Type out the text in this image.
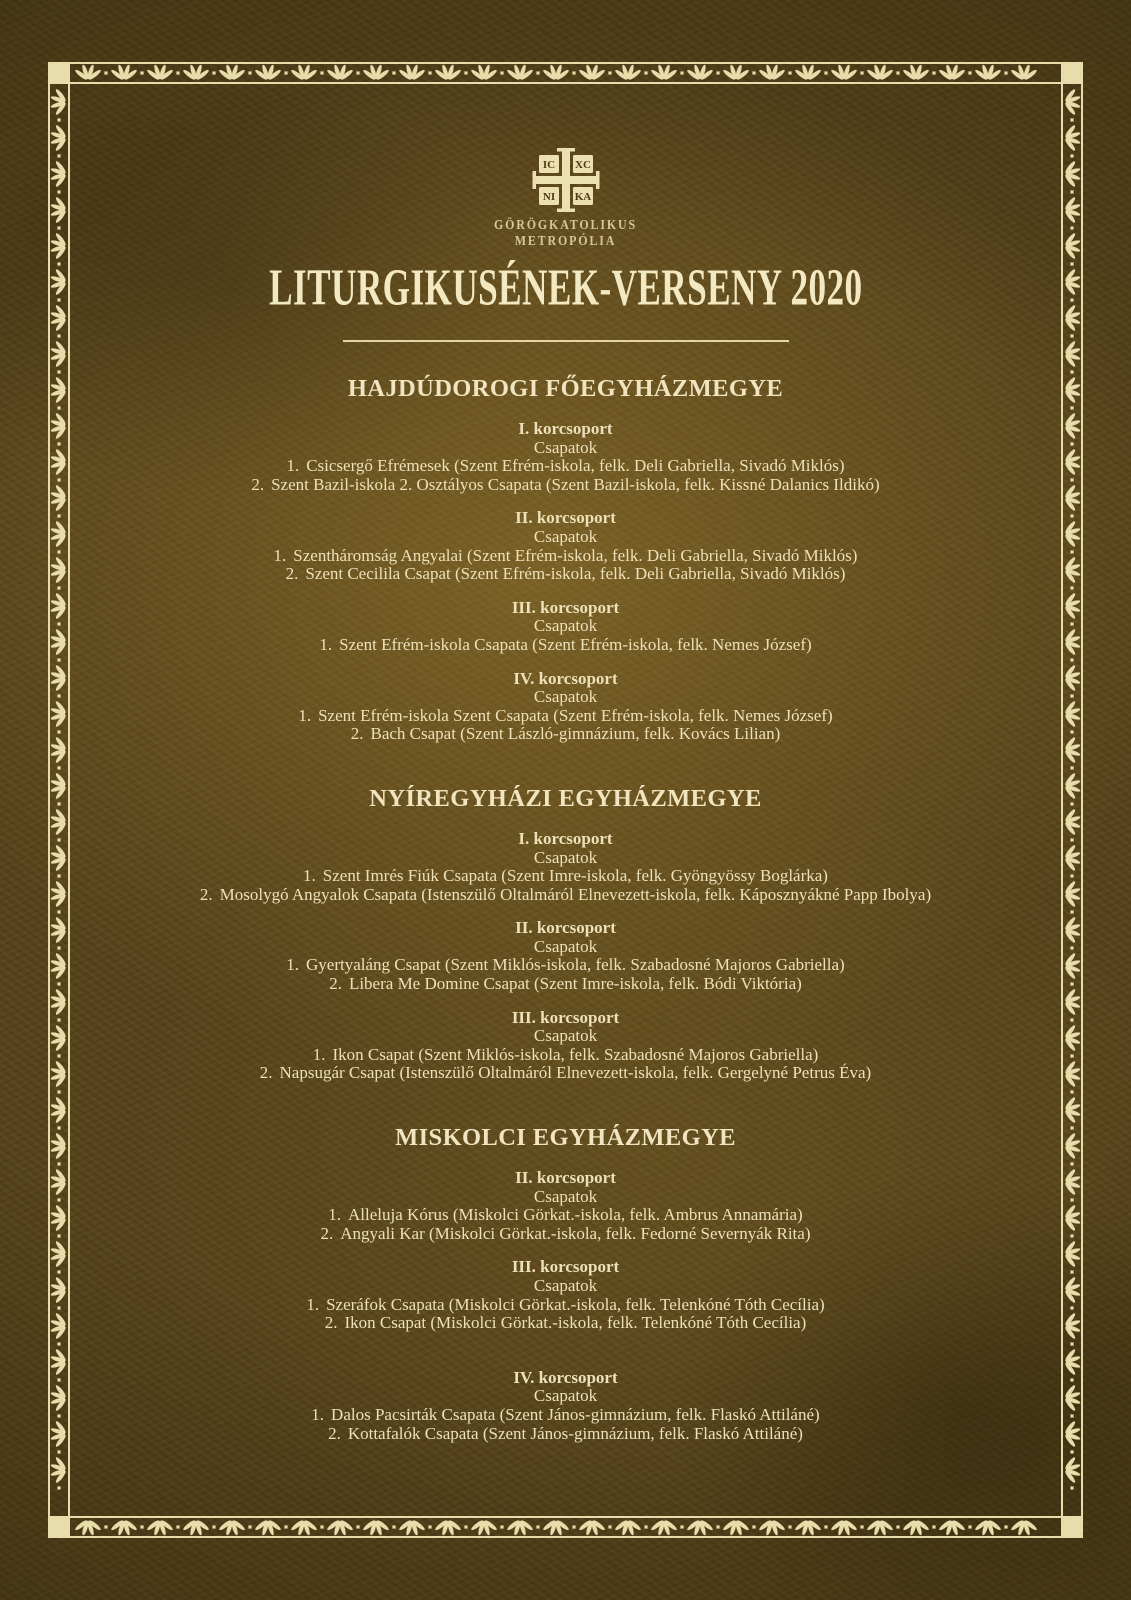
IC XC
NI KA
GÖRÖGKATOLIKUS
METROPÓLIA
LITURGIKUSÉNEK-VERSENY 2020
HAJDÚDOROGI FŐEGYHÁZMEGYE
I. korcsoport
Csapatok
1. Csicsergő Efrémesek (Szent Efrém-iskola, felk. Deli Gabriella, Sivadó Miklós)
2. Szent Bazil-iskola 2. Osztályos Csapata (Szent Bazil-iskola, felk. Kissné Dalanics Ildikó)
II. korcsoport
Csapatok
1. Szentháromság Angyalai (Szent Efrém-iskola, felk. Deli Gabriella, Sivadó Miklós)
2. Szent Cecilila Csapat (Szent Efrém-iskola, felk. Deli Gabriella, Sivadó Miklós)
III. korcsoport
Csapatok
1. Szent Efrém-iskola Csapata (Szent Efrém-iskola, felk. Nemes József)
IV. korcsoport
Csapatok
1. Szent Efrém-iskola Szent Csapata (Szent Efrém-iskola, felk. Nemes József)
2. Bach Csapat (Szent László-gimnázium, felk. Kovács Lilian)
NYÍREGYHÁZI EGYHÁZMEGYE
I. korcsoport
Csapatok
1. Szent Imrés Fiúk Csapata (Szent Imre-iskola, felk. Gyöngyössy Boglárka)
2. Mosolygó Angyalok Csapata (Istenszülő Oltalmáról Elnevezett-iskola, felk. Káposznyákné Papp Ibolya)
II. korcsoport
Csapatok
1. Gyertyaláng Csapat (Szent Miklós-iskola, felk. Szabadosné Majoros Gabriella)
2. Libera Me Domine Csapat (Szent Imre-iskola, felk. Bódi Viktória)
III. korcsoport
Csapatok
1. Ikon Csapat (Szent Miklós-iskola, felk. Szabadosné Majoros Gabriella)
2. Napsugár Csapat (Istenszülő Oltalmáról Elnevezett-iskola, felk. Gergelyné Petrus Éva)
MISKOLCI EGYHÁZMEGYE
II. korcsoport
Csapatok
1. Alleluja Kórus (Miskolci Görkat.-iskola, felk. Ambrus Annamária)
2. Angyali Kar (Miskolci Görkat.-iskola, felk. Fedorné Severnyák Rita)
III. korcsoport
Csapatok
1. Szeráfok Csapata (Miskolci Görkat.-iskola, felk. Telenkóné Tóth Cecília)
2. Ikon Csapat (Miskolci Görkat.-iskola, felk. Telenkóné Tóth Cecília)
IV. korcsoport
Csapatok
1. Dalos Pacsirták Csapata (Szent János-gimnázium, felk. Flaskó Attiláné)
2. Kottafalók Csapata (Szent János-gimnázium, felk. Flaskó Attiláné)
